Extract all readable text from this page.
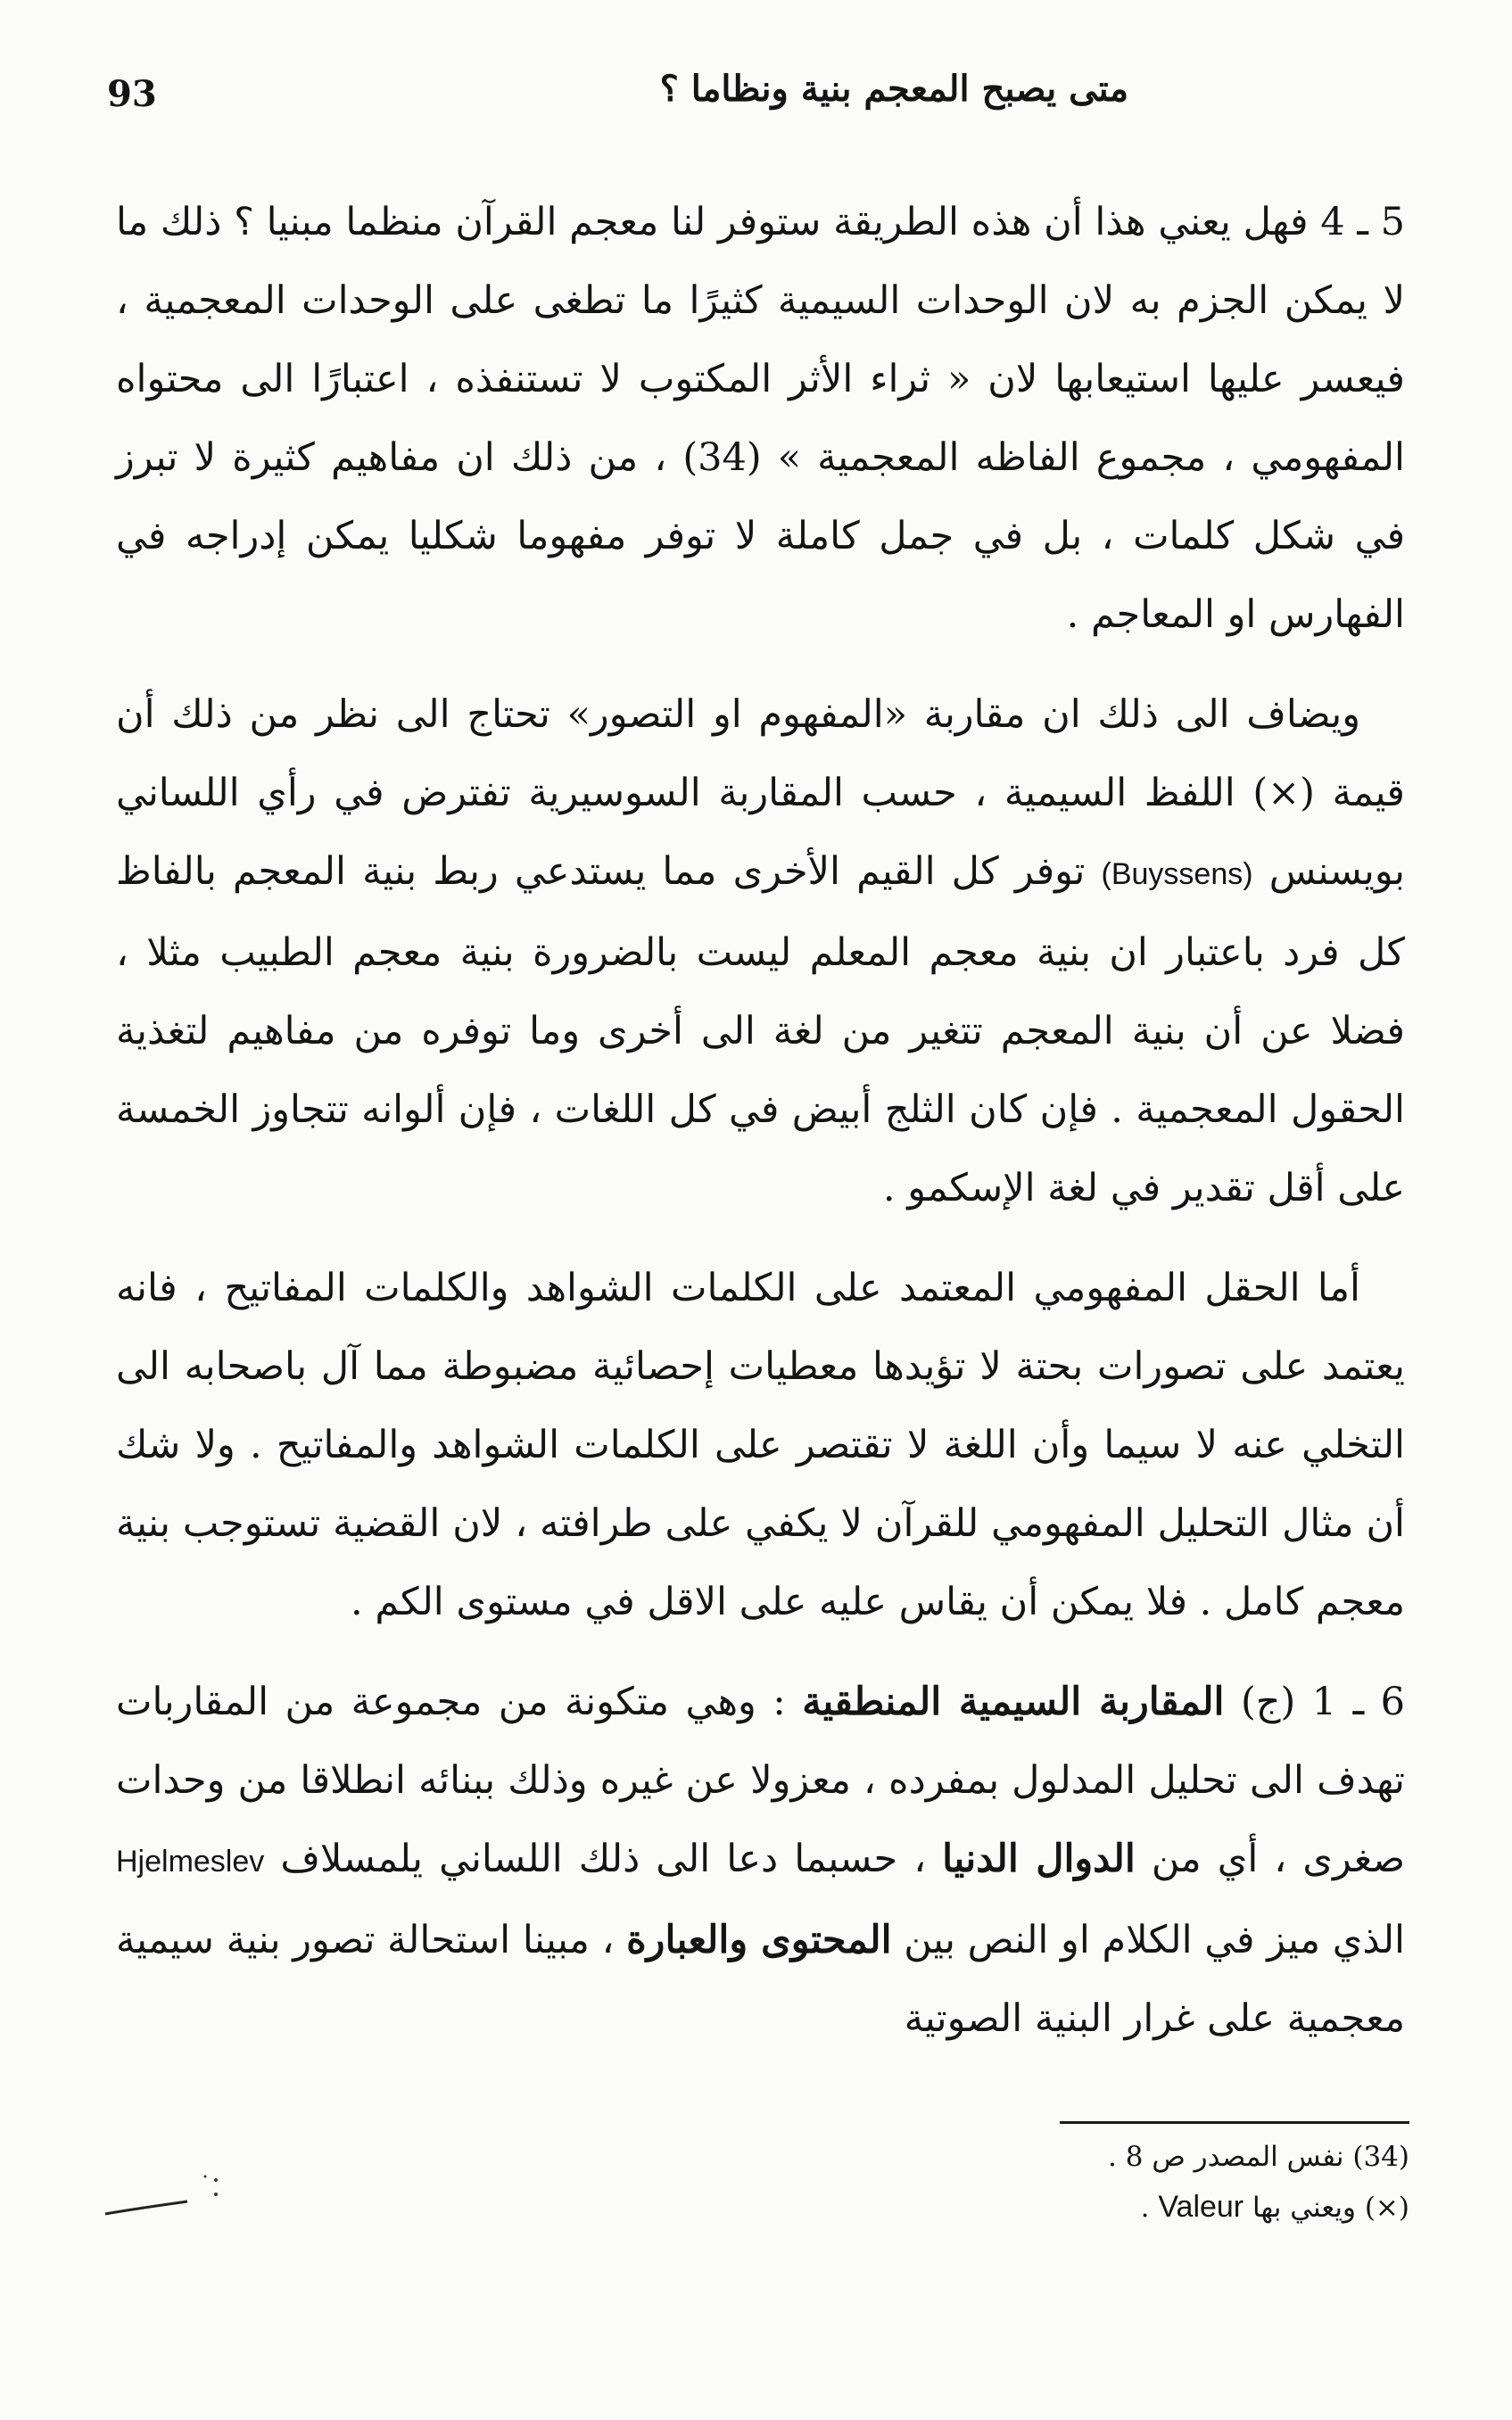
93	متى يصبح المعجم بنية ونظاما ؟

5 ـ 4 فهل يعني هذا أن هذه الطريقة ستوفر لنا معجم القرآن منظما مبنيا ؟ ذلك ما لا يمكن الجزم به لان الوحدات السيمية كثيرًا ما تطغى على الوحدات المعجمية ، فيعسر عليها استيعابها لان « ثراء الأثر المكتوب لا تستنفذه ، اعتبارًا الى محتواه المفهومي ، مجموع الفاظه المعجمية » (34) ، من ذلك ان مفاهيم كثيرة لا تبرز في شكل كلمات ، بل في جمل كاملة لا توفر مفهوما شكليا يمكن إدراجه في الفهارس او المعاجم .

ويضاف الى ذلك ان مقاربة «المفهوم او التصور» تحتاج الى نظر من ذلك أن قيمة (×) اللفظ السيمية ، حسب المقاربة السوسيرية تفترض في رأي اللساني بويسنس (Buyssens) توفر كل القيم الأخرى مما يستدعي ربط بنية المعجم بالفاظ كل فرد باعتبار ان بنية معجم المعلم ليست بالضرورة بنية معجم الطبيب مثلا ، فضلا عن أن بنية المعجم تتغير من لغة الى أخرى وما توفره من مفاهيم لتغذية الحقول المعجمية . فإن كان الثلج أبيض في كل اللغات ، فإن ألوانه تتجاوز الخمسة على أقل تقدير في لغة الإسكمو .

أما الحقل المفهومي المعتمد على الكلمات الشواهد والكلمات المفاتيح ، فانه يعتمد على تصورات بحتة لا تؤيدها معطيات إحصائية مضبوطة مما آل باصحابه الى التخلي عنه لا سيما وأن اللغة لا تقتصر على الكلمات الشواهد والمفاتيح . ولا شك أن مثال التحليل المفهومي للقرآن لا يكفي على طرافته ، لان القضية تستوجب بنية معجم كامل . فلا يمكن أن يقاس عليه على الاقل في مستوى الكم .

6 ـ 1 (ج) المقاربة السيمية المنطقية : وهي متكونة من مجموعة من المقاربات تهدف الى تحليل المدلول بمفرده ، معزولا عن غيره وذلك ببنائه انطلاقا من وحدات صغرى ، أي من الدوال الدنيا ، حسبما دعا الى ذلك اللساني يلمسلاف Hjelmeslev الذي ميز في الكلام او النص بين المحتوى والعبارة ، مبينا استحالة تصور بنية سيمية معجمية على غرار البنية الصوتية

(34) نفس المصدر ص 8 .

(×) ويعني بها Valeur .
